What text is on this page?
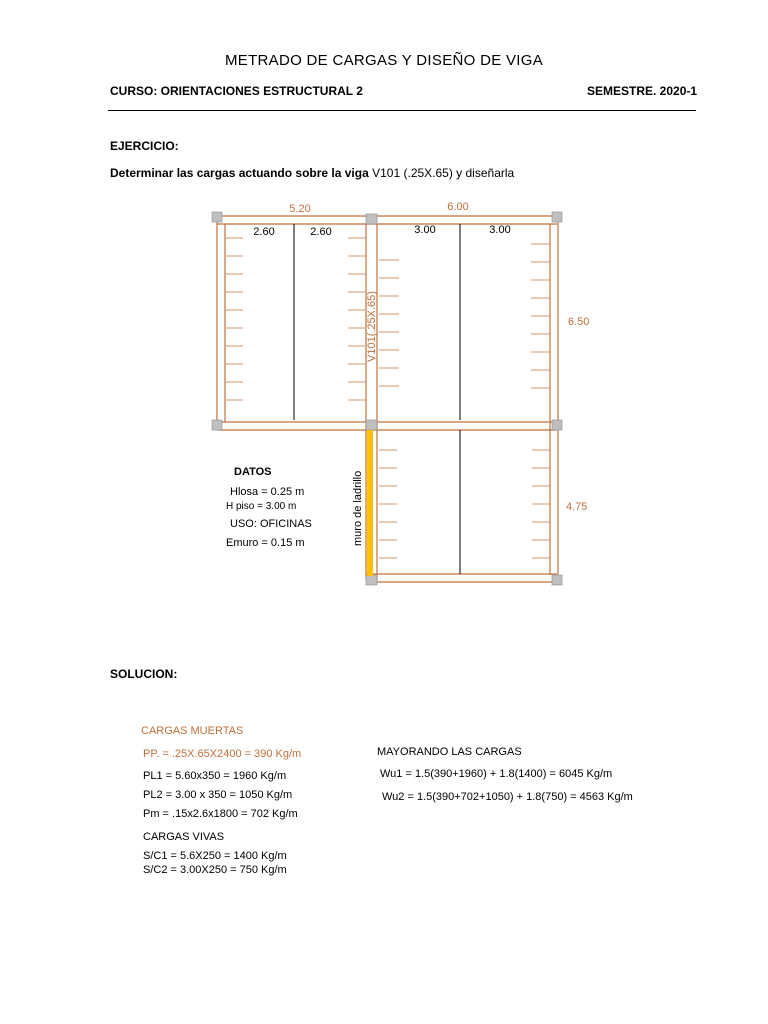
METRADO DE CARGAS Y DISEÑO DE VIGA
CURSO: ORIENTACIONES ESTRUCTURAL 2	SEMESTRE. 2020-1
EJERCICIO:
Determinar las cargas actuando sobre la viga V101 (.25X.65) y diseñarla
5.20	6.00
2.60	2.60	3.00	3.00
6.50
4.75
V101(.25X.65)
muro de ladrillo
DATOS
Hlosa = 0.25 m
H piso = 3.00 m
USO: OFICINAS
Emuro = 0.15 m
SOLUCION:
CARGAS MUERTAS
PP. = .25X.65X2400 = 390 Kg/m
PL1 = 5.60x350 = 1960 Kg/m
PL2 = 3.00 x 350 = 1050 Kg/m
Pm = .15x2.6x1800 = 702 Kg/m
CARGAS VIVAS
S/C1 = 5.6X250 = 1400 Kg/m
S/C2 = 3.00X250 = 750 Kg/m
MAYORANDO LAS CARGAS
Wu1 = 1.5(390+1960) + 1.8(1400) = 6045 Kg/m
Wu2 = 1.5(390+702+1050) + 1.8(750) = 4563 Kg/m
